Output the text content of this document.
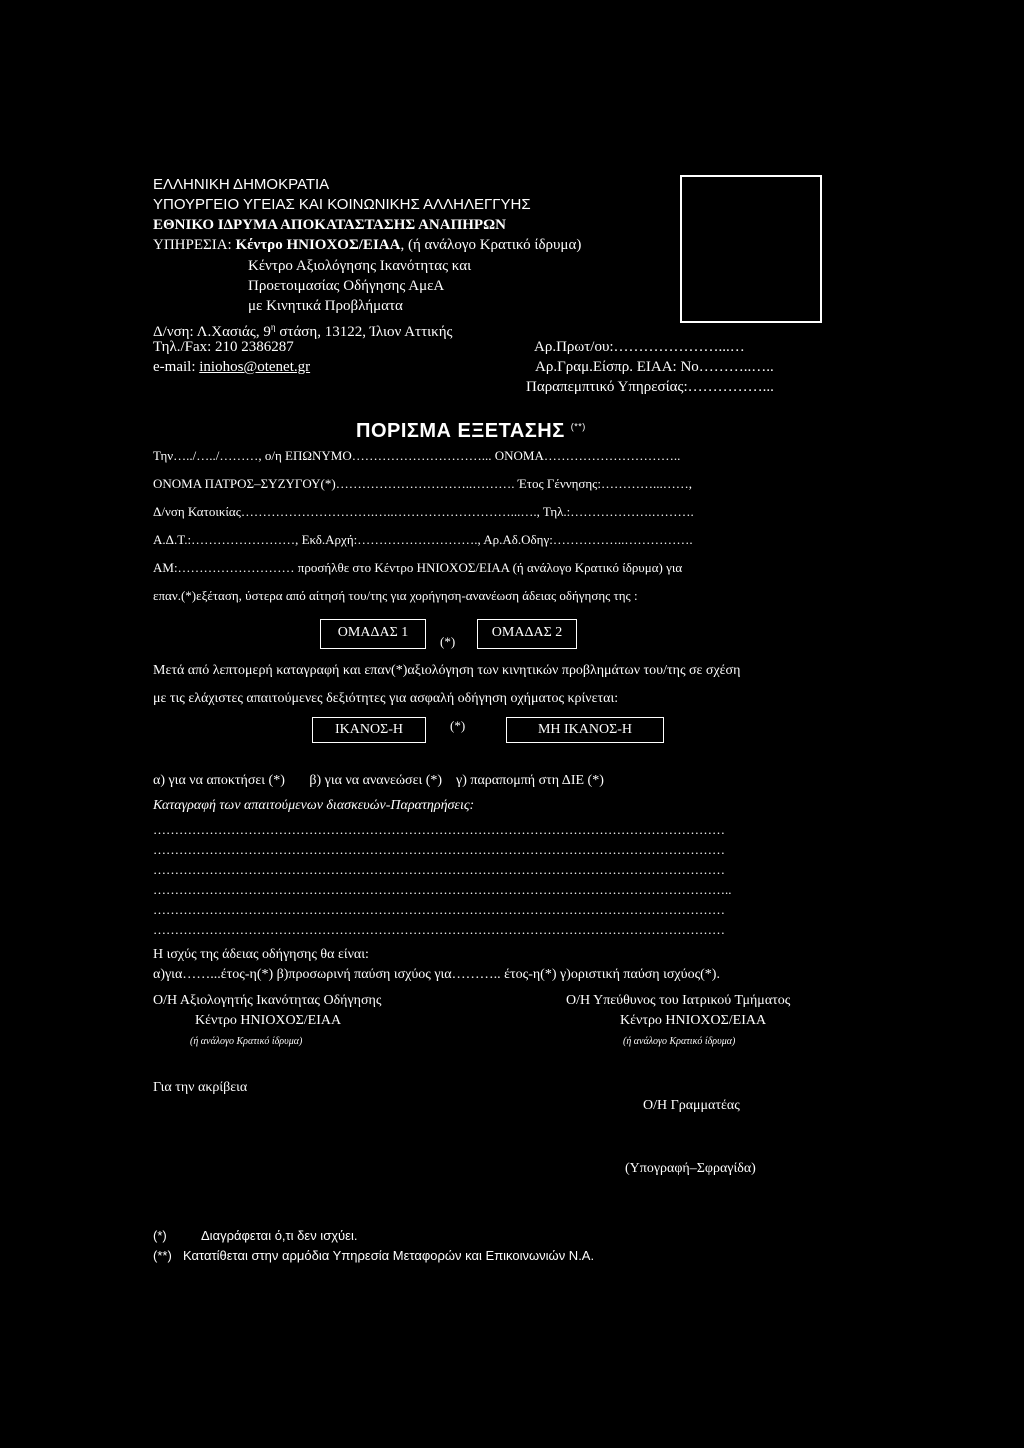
ΕΛΛΗΝΙΚΗ ΔΗΜΟΚΡΑΤΙΑ
ΥΠΟΥΡΓΕΙΟ ΥΓΕΙΑΣ ΚΑΙ ΚΟΙΝΩΝΙΚΗΣ ΑΛΛΗΛΕΓΓΥΗΣ
ΕΘΝΙΚΟ ΙΔΡΥΜΑ ΑΠΟΚΑΤΑΣΤΑΣΗΣ ΑΝΑΠΗΡΩΝ
ΥΠΗΡΕΣΙΑ: Κέντρο ΗΝΙΟΧΟΣ/ΕΙΑΑ, (ή ανάλογο Κρατικό ίδρυμα)
Κέντρο Αξιολόγησης Ικανότητας και
Προετοιμασίας Οδήγησης ΑμεΑ
με Κινητικά Προβλήματα
Δ/νση: Λ.Χασιάς, $9^\eta$ στάση, 13122, Ίλιον Αττικής
Τηλ./Fax: 210 2386287
e-mail: iniohos@otenet.gr
Αρ.Πρωτ/ου:…………………...…
Αρ.Γραμ.Είσπρ. ΕΙΑΑ: Νο………..…..
Παραπεμπτικό Υπηρεσίας:……………...
ΠΟΡΙΣΜΑ ΕΞΕΤΑΣΗΣ (**)
Την…../…../………, ο/η ΕΠΩΝΥΜΟ…………………………... ΟΝΟΜΑ…………………………..
ΟΝΟΜΑ ΠΑΤΡΟΣ–ΣΥΖΥΓΟΥ(*)…………………………..………. Έτος Γέννησης:…………...……,
Δ/νση Κατοικίας………………………….…..………………………...…., Τηλ.:……………….……….
Α.Δ.Τ.:……………………, Εκδ.Αρχή:………………………., Αρ.Αδ.Οδηγ:……………..…………….
ΑΜ:……………………… προσήλθε στο Κέντρο ΗΝΙΟΧΟΣ/ΕΙΑΑ (ή ανάλογο Κρατικό ίδρυμα) για
επαν.(*)εξέταση, ύστερα από αίτησή του/της για χορήγηση-ανανέωση άδειας οδήγησης της :
ΟΜΑΔΑΣ 1
(*)
ΟΜΑΔΑΣ 2
Μετά από λεπτομερή καταγραφή και επαν(*)αξιολόγηση των κινητικών προβλημάτων του/της σε σχέση
με τις ελάχιστες απαιτούμενες δεξιότητες για ασφαλή οδήγηση οχήματος κρίνεται:
ΙΚΑΝΟΣ-Η	(*)	ΜΗ ΙΚΑΝΟΣ-Η
α) για να αποκτήσει (*)       β) για να ανανεώσει (*)    γ) παραπομπή στη ΔΙΕ (*)
Καταγραφή των απαιτούμενων διασκευών-Παρατηρήσεις:
……………………………………………………………………………………………………………………
……………………………………………………………………………………………………………………
……………………………………………………………………………………………………………………
……………………………………………………………………………………………………………………..
……………………………………………………………………………………………………………………
……………………………………………………………………………………………………………………
Η ισχύς της άδειας οδήγησης θα είναι:
α)για……...έτος-η(*) β)προσωρινή παύση ισχύος για……….. έτος-η(*) γ)οριστική παύση ισχύος(*).
Ο/Η Αξιολογητής Ικανότητας Οδήγησης
Κέντρο ΗΝΙΟΧΟΣ/ΕΙΑΑ
(ή ανάλογο Κρατικό ίδρυμα)
Ο/Η Υπεύθυνος του Ιατρικού Τμήματος
Κέντρο ΗΝΙΟΧΟΣ/ΕΙΑΑ
(ή ανάλογο Κρατικό ίδρυμα)
Για την ακρίβεια
Ο/Η Γραμματέας
(Υπογραφή–Σφραγίδα)
(*)	Διαγράφεται ό,τι δεν ισχύει.
(**) Κατατίθεται στην αρμόδια Υπηρεσία Μεταφορών και Επικοινωνιών Ν.Α.
